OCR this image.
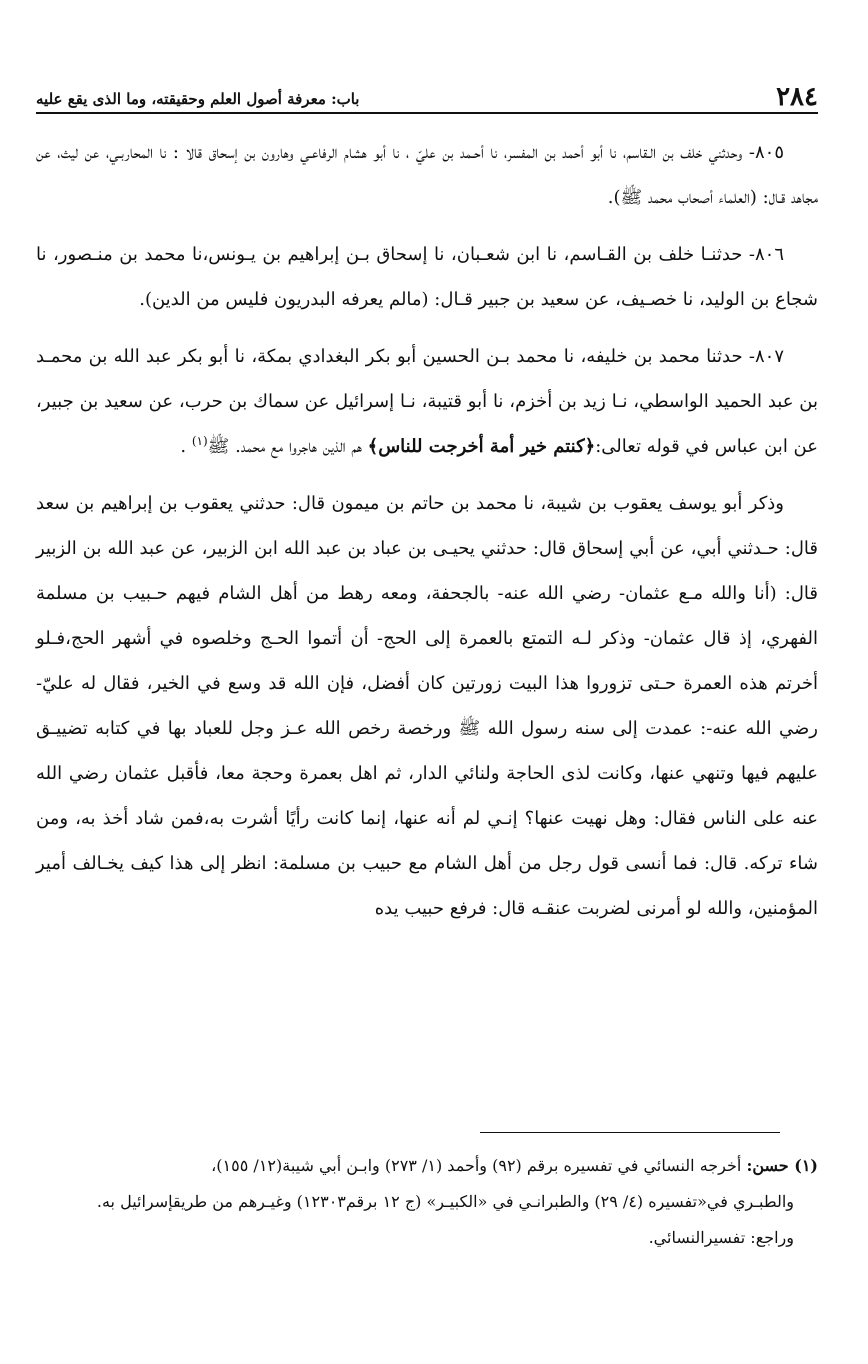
٢٨٤
باب: معرفة أصول العلم وحقيقته، وما الذى يقع عليه

٨٠٥- وحدثني خلف بن الـقاسم، نا أبو أحمد بن المفسر، نا أحـمد بن عليّ ، نا أبو هشام الرفاعـي وهارون بن إسحاق قالا : نا المحاربـي، عن ليث، عن مجاهد قـال: (العلماء أصحاب محمد ﷺ).

٨٠٦- حدثنـا خلف بن القـاسم، نا ابن شعـبان، نا إسحاق بـن إبراهيم بن يـونس،نا محمد بن منـصور، نا شجاع بن الوليد، نا خصـيف، عن سعيد بن جبير قـال: (مالم يعرفه البدريون فليس من الدين).

٨٠٧- حدثنا محمد بن خليفه، نا محمد بـن الحسين أبو بكر البغدادي بمكة، نا أبو بكر عبد الله بن محمـد بن عبد الحميد الواسطي، نـا زيد بن أخزم، نا أبو قتيبة، نـا إسرائيل عن سماك بن حرب، عن سعيد بن جبير، عن ابن عباس في قوله تعالى:﴿كنتم خير أمة أخرجت للناس﴾ هم الذين هاجروا مع محمد. ﷺ$^{(١)}$ .

وذكر أبو يوسف يعقوب بن شيبة، نا محمد بن حاتم بن ميمون قال: حدثني يعقوب بن إبراهيم بن سعد قال: حـدثني أبي، عن أبي إسحاق قال: حدثني يحيـى بن عباد بن عبد الله ابن الزبير، عن عبد الله بن الزبير قال: (أنا والله مـع عثمان- رضي الله عنه- بالجحفة، ومعه رهط من أهل الشام فيهم حـبيب بن مسلمة الفهري، إذ قال عثمان- وذكر لـه التمتع بالعمرة إلى الحج- أن أتموا الحـج وخلصوه في أشهر الحج،فـلو أخرتم هذه العمرة حـتى تزوروا هذا البيت زورتين كان أفضل، فإن الله قد وسع في الخير، فقال له عليّ- رضي الله عنه-: عمدت إلى سنه رسول الله ﷺ ورخصة رخص الله عـز وجل للعباد بها في كتابه تضييـق عليهم فيها وتنهي عنها، وكانت لذى الحاجة ولنائي الدار، ثم اهل بعمرة وحجة معا، فأقبل عثمان رضي الله عنه على الناس فقال: وهل نهيت عنها؟ إنـي لم أنه عنها، إنما كانت رأيًا أشرت به،فمن شاد أخذ به، ومن شاء تركه. قال: فما أنسى قول رجل من أهل الشام مع حبيب بن مسلمة: انظر إلى هذا كيف يخـالف أمير المؤمنين، والله لو أمرنى لضربت عنقـه قال: فرفع حبيب يده

(١) حسن: أخرجه النسائي في تفسيره برقم (٩٢) وأحمد (١/ ٢٧٣) وابـن أبي شيبة(١٢/ ١٥٥)،

والطبـري في«تفسيره (٤/ ٢٩) والطبرانـي في «الكبيـر» (ج ١٢ برقم١٢٣٠٣) وغيـرهم من طريقإسرائيل به.

وراجع: تفسيرالنسائي.
